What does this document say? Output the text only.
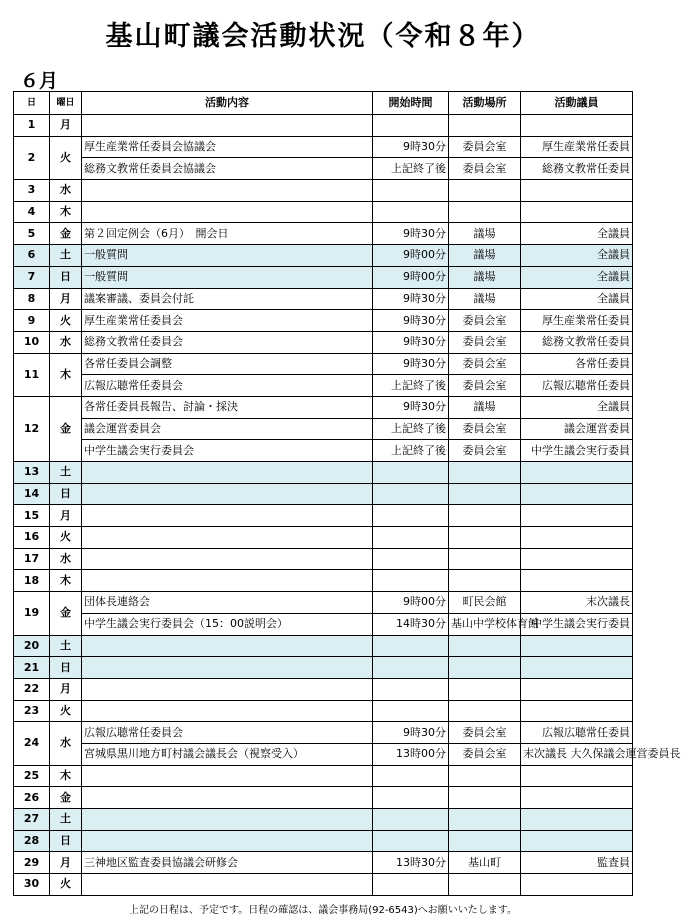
基山町議会活動状況（令和８年）
６月
日	曜日	活動内容	開始時間	活動場所	活動議員
1	月				
2	火	厚生産業常任委員会協議会	9時30分	委員会室	厚生産業常任委員
		総務文教常任委員会協議会	上記終了後	委員会室	総務文教常任委員
3	水				
4	木				
5	金	第２回定例会（6月）　開会日	9時30分	議場	全議員
6	土	一般質問	9時00分	議場	全議員
7	日	一般質問	9時00分	議場	全議員
8	月	議案審議、委員会付託	9時30分	議場	全議員
9	火	厚生産業常任委員会	9時30分	委員会室	厚生産業常任委員
10	水	総務文教常任委員会	9時30分	委員会室	総務文教常任委員
11	木	各常任委員会調整	9時30分	委員会室	各常任委員
		広報広聴常任委員会	上記終了後	委員会室	広報広聴常任委員
12	金	各常任委員長報告、討論・採決	9時30分	議場	全議員
		議会運営委員会	上記終了後	委員会室	議会運営委員
		中学生議会実行委員会	上記終了後	委員会室	中学生議会実行委員
13	土				
14	日				
15	月				
16	火				
17	水				
18	木				
19	金	団体長連絡会	9時00分	町民会館	末次議長
		中学生議会実行委員会（15：00説明会）	14時30分	基山中学校体育館	中学生議会実行委員
20	土				
21	日				
22	月				
23	火				
24	水	広報広聴常任委員会	9時30分	委員会室	広報広聴常任委員
		宮城県黒川地方町村議会議長会（視察受入）	13時00分	委員会室	末次議長 大久保議会運営委員長
25	木				
26	金				
27	土				
28	日				
29	月	三神地区監査委員協議会研修会	13時30分	基山町	監査員
30	火				
上記の日程は、予定です。日程の確認は、議会事務局(92-6543)へお願いいたします。
